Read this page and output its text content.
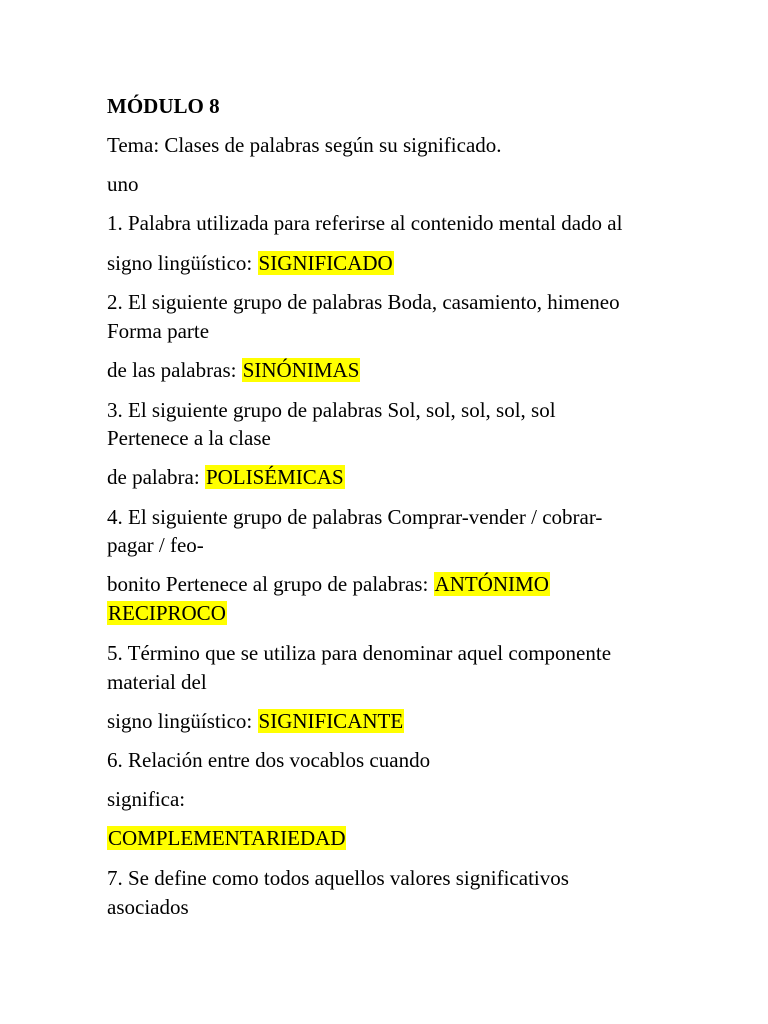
MÓDULO 8
Tema: Clases de palabras según su significado.
uno
1. Palabra utilizada para referirse al contenido mental dado al
signo lingüístico: SIGNIFICADO
2. El siguiente grupo de palabras Boda, casamiento, himeneo
Forma parte
de las palabras: SINÓNIMAS
3. El siguiente grupo de palabras Sol, sol, sol, sol, sol
Pertenece a la clase
de palabra: POLISÉMICAS
4. El siguiente grupo de palabras Comprar-vender / cobrar-
pagar / feo-
bonito Pertenece al grupo de palabras: ANTÓNIMO
RECIPROCO
5. Término que se utiliza para denominar aquel componente
material del
signo lingüístico: SIGNIFICANTE
6. Relación entre dos vocablos cuando
significa:
COMPLEMENTARIEDAD
7. Se define como todos aquellos valores significativos
asociados
